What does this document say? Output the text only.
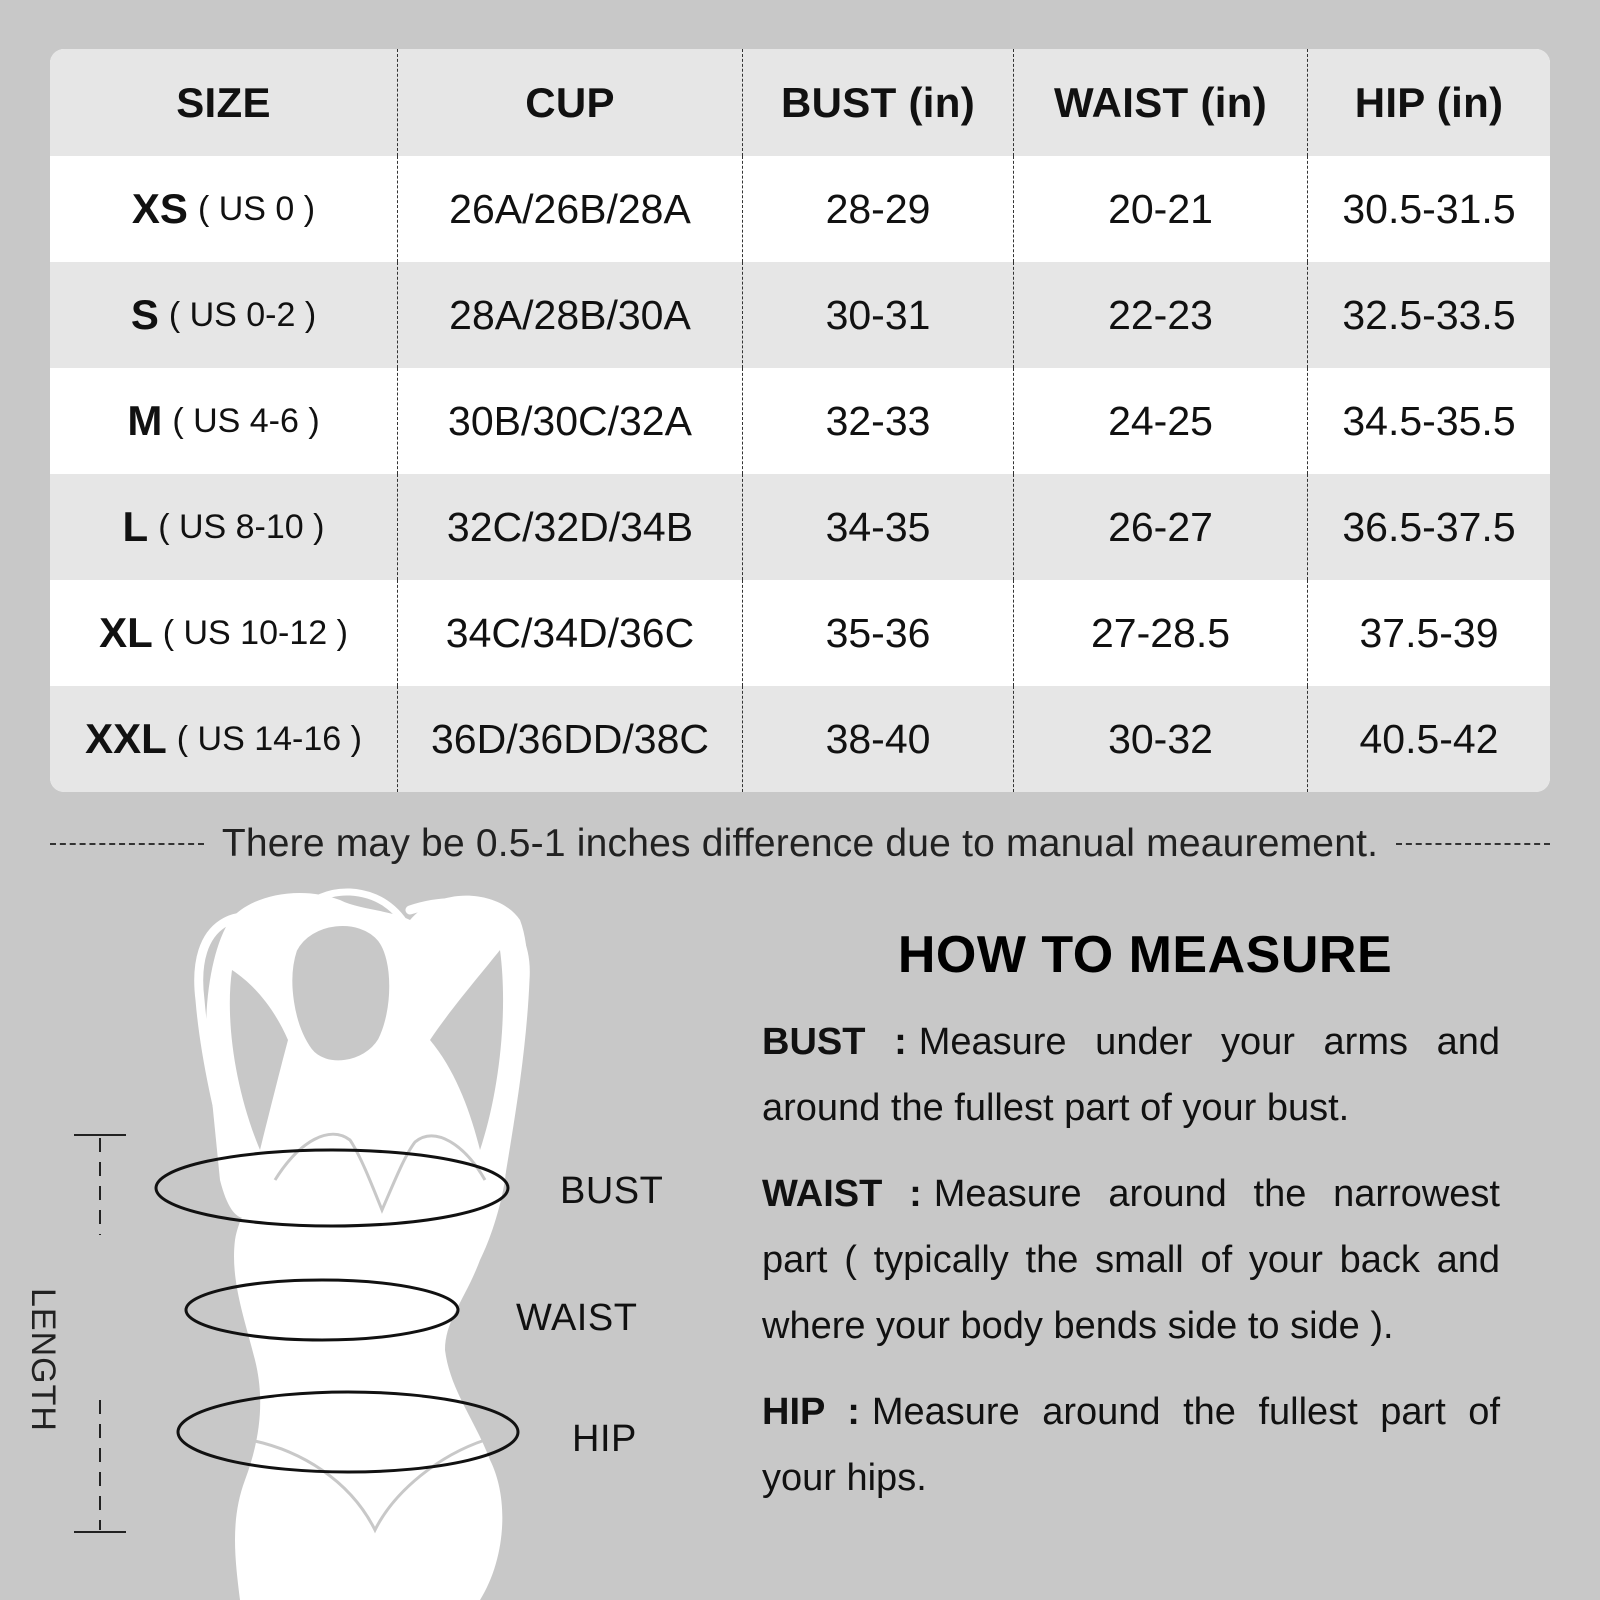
SIZE	CUP	BUST (in)	WAIST (in)	HIP (in)
XS ( US 0 )	26A/26B/28A	28-29	20-21	30.5-31.5
S ( US 0-2 )	28A/28B/30A	30-31	22-23	32.5-33.5
M ( US 4-6 )	30B/30C/32A	32-33	24-25	34.5-35.5
L ( US 8-10 )	32C/32D/34B	34-35	26-27	36.5-37.5
XL ( US 10-12 )	34C/34D/36C	35-36	27-28.5	37.5-39
XXL ( US 14-16 )	36D/36DD/38C	38-40	30-32	40.5-42
There may be 0.5-1 inches difference due to manual meaurement.
BUST
WAIST
HIP
LENGTH
HOW TO MEASURE
BUST : Measure under your arms and around the fullest part of your bust.
WAIST : Measure around the narrowest part ( typically the small of your back and where your body bends side to side ).
HIP : Measure around the fullest part of your hips.
